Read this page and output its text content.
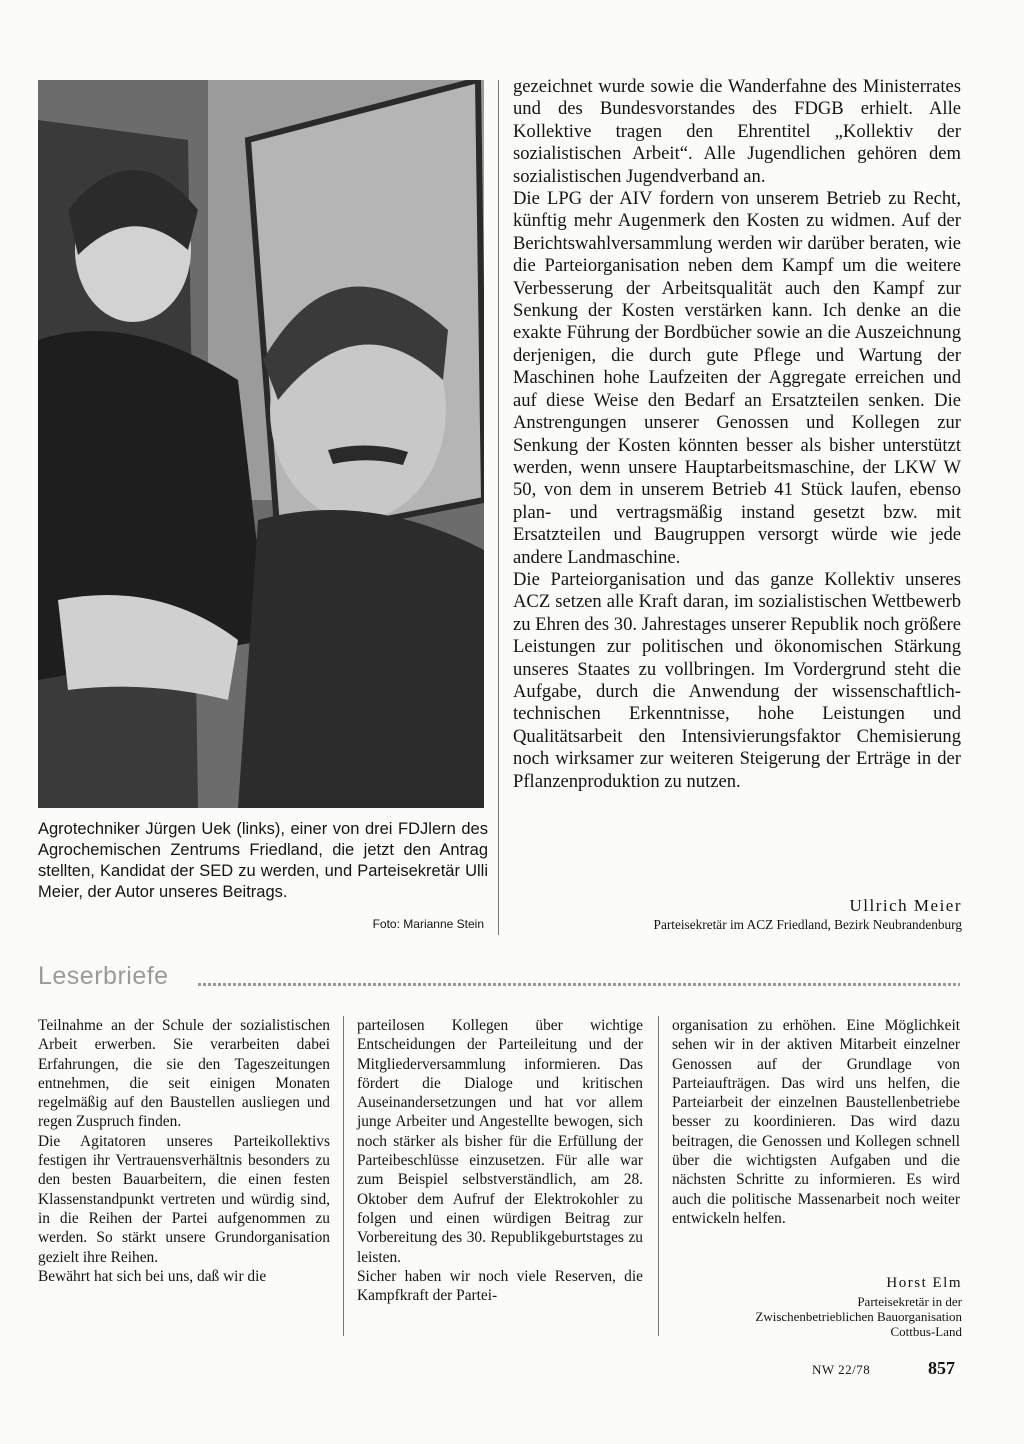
Agrotechniker Jürgen Uek (links), einer von drei FDJlern des Agrochemischen Zentrums Friedland, die jetzt den Antrag stellten, Kandidat der SED zu werden, und Parteisekretär Ulli Meier, der Autor unseres Beitrags.

Foto: Marianne Stein

gezeichnet wurde sowie die Wanderfahne des Ministerrates und des Bundesvorstandes des FDGB erhielt. Alle Kollektive tragen den Ehrentitel „Kollektiv der sozialistischen Arbeit“. Alle Jugendlichen gehören dem sozialistischen Jugendverband an.

Die LPG der AIV fordern von unserem Betrieb zu Recht, künftig mehr Augenmerk den Kosten zu widmen. Auf der Berichtswahlversammlung werden wir darüber beraten, wie die Parteiorganisation neben dem Kampf um die weitere Verbesserung der Arbeitsqualität auch den Kampf zur Senkung der Kosten verstärken kann. Ich denke an die exakte Führung der Bordbücher sowie an die Auszeichnung derjenigen, die durch gute Pflege und Wartung der Maschinen hohe Laufzeiten der Aggregate erreichen und auf diese Weise den Bedarf an Ersatzteilen senken. Die Anstrengungen unserer Genossen und Kollegen zur Senkung der Kosten könnten besser als bisher unterstützt werden, wenn unsere Hauptarbeitsmaschine, der LKW W 50, von dem in unserem Betrieb 41 Stück laufen, ebenso plan- und vertragsmäßig instand gesetzt bzw. mit Ersatzteilen und Baugruppen versorgt würde wie jede andere Landmaschine.

Die Parteiorganisation und das ganze Kollektiv unseres ACZ setzen alle Kraft daran, im sozialistischen Wettbewerb zu Ehren des 30. Jahrestages unserer Republik noch größere Leistungen zur politischen und ökonomischen Stärkung unseres Staates zu vollbringen. Im Vordergrund steht die Aufgabe, durch die Anwendung der wissenschaftlich-technischen Erkenntnisse, hohe Leistungen und Qualitätsarbeit den Intensivierungsfaktor Chemisierung noch wirksamer zur weiteren Steigerung der Erträge in der Pflanzenproduktion zu nutzen.

Ullrich Meier
Parteisekretär im ACZ Friedland, Bezirk Neubrandenburg
Leserbriefe

Teilnahme an der Schule der sozialistischen Arbeit erwerben. Sie verarbeiten dabei Erfahrungen, die sie den Tageszeitungen entnehmen, die seit einigen Monaten regelmäßig auf den Baustellen ausliegen und regen Zuspruch finden.

Die Agitatoren unseres Parteikollektivs festigen ihr Vertrauensverhältnis besonders zu den besten Bauarbeitern, die einen festen Klassenstandpunkt vertreten und würdig sind, in die Reihen der Partei aufgenommen zu werden. So stärkt unsere Grundorganisation gezielt ihre Reihen.

Bewährt hat sich bei uns, daß wir die

parteilosen Kollegen über wichtige Entscheidungen der Parteileitung und der Mitgliederversammlung informieren. Das fördert die Dialoge und kritischen Auseinandersetzungen und hat vor allem junge Arbeiter und Angestellte bewogen, sich noch stärker als bisher für die Erfüllung der Parteibeschlüsse einzusetzen. Für alle war zum Beispiel selbstverständlich, am 28. Oktober dem Aufruf der Elektrokohler zu folgen und einen würdigen Beitrag zur Vorbereitung des 30. Republikgeburtstages zu leisten.

Sicher haben wir noch viele Reserven, die Kampfkraft der Partei-

organisation zu erhöhen. Eine Möglichkeit sehen wir in der aktiven Mitarbeit einzelner Genossen auf der Grundlage von Parteiaufträgen. Das wird uns helfen, die Parteiarbeit der einzelnen Baustellenbetriebe besser zu koordinieren. Das wird dazu beitragen, die Genossen und Kollegen schnell über die wichtigsten Aufgaben und die nächsten Schritte zu informieren. Es wird auch die politische Massenarbeit noch weiter entwickeln helfen.

Horst Elm
Parteisekretär in der
Zwischenbetrieblichen Bauorganisation
Cottbus-Land
NW 22/78	857
